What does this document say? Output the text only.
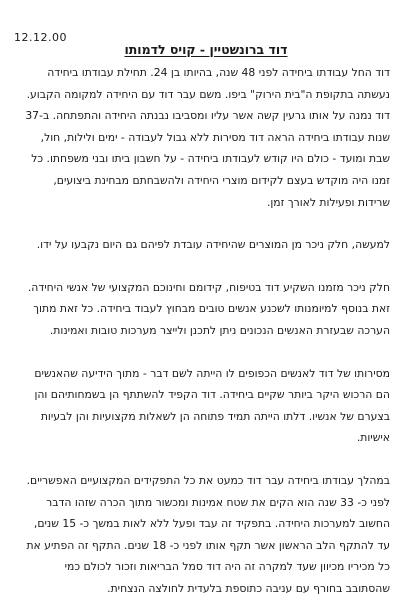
12.12.00
דוד ברונשטיין - קויס לדמותו

דוד החל עבודתו ביחידה לפני 48 שנה, בהיותו בן 24. תחילת עבודתו ביחידה נעשתה בתקופת ה"בית הירוק" ביפו. משם עבר דוד עם היחידה למקומה הקבוע. דוד נמנה על אותו גרעין קשה אשר עליו ומסביבו נבנתה היחידה והתפתחה. ב-37 שנות עבודתו ביחידה הראה דוד מסירות ללא גבול לעבודה - ימים ולילות, חול, שבת ומועד - כולם היו קודש לעבודתו ביחידה - על חשבון ביתו ובני משפחתו. כל זמנו היה מוקדש בעצם לקידום מוצרי היחידה ולהשבחתם מבחינת ביצועים, שרידות ופעילות לאורך זמן.

למעשה, חלק ניכר מן המוצרים שהיחידה עובדת לפיהם גם היום נקבעו על ידו.

חלק ניכר מזמנו השקיע דוד בטיפוח, קידומם וחינוכם המקצועי של אנשי היחידה. זאת בנוסף למיומנותו לשכנע אנשים טובים מבחוץ לעבוד ביחידה. כל זאת מתוך הערכה שבעזרת האנשים הנכונים ניתן לתכנן ולייצר מערכות טובות ואמינות.

מסירותו של דוד לאנשים הכפופים לו הייתה לשם דבר - מתוך הידיעה שהאנשים הם הרכוש היקר ביותר שקיים ביחידה. דוד הקפיד להשתתף הן בשמחותיהם והן בצערם של אנשיו. דלתו הייתה תמיד פתוחה הן לשאלות מקצועיות והן לבעיות אישיות.

במהלך עבודתו ביחידה עבר דוד כמעט את כל התפקידים המקצועיים האפשריים. לפני כ- 33 שנה הוא הקים את שטח אמינות ומכשור מתוך הכרה שזהו הדבר החשוב למערכות היחידה. בתפקיד זה עבד ופעל ללא לאות במשך כ- 15 שנים, עד להתקף הלב הראשון אשר תקף אותו לפני כ- 18 שנים. התקף זה הפתיע את כל מכיריו מכיוון שעד למקרה זה היה דוד סמל הבריאות וזכור לכולם כמי שהסתובב בחורף עם עניבה כתוספת בלעדית לחולצה הנצחית.
